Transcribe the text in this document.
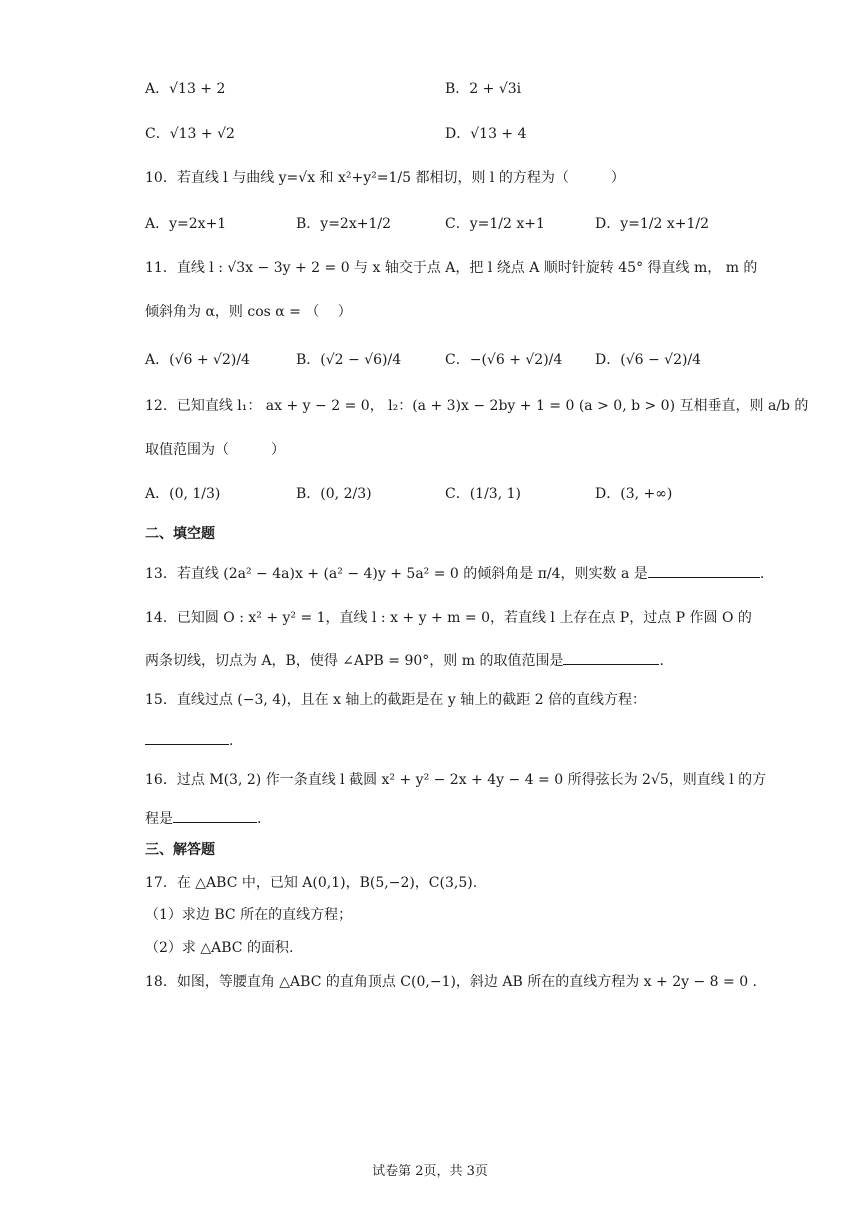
A．√13 + 2	B．2 + √3i
C．√13 + √2	D．√13 + 4
10．若直线 l 与曲线 y=√x 和 x²+y²=1/5 都相切，则 l 的方程为（　　　）
A．y=2x+1	B．y=2x+1/2	C．y=1/2 x+1	D．y=1/2 x+1/2
11．直线 l : √3x − 3y + 2 = 0 与 x 轴交于点 A，把 l 绕点 A 顺时针旋转 45° 得直线 m， m 的
倾斜角为 α，则 cos α = （　 ）
A．(√6 + √2)/4	B．(√2 − √6)/4	C．−(√6 + √2)/4 D．(√6 − √2)/4
12．已知直线 l₁： ax + y − 2 = 0， l₂：(a + 3)x − 2by + 1 = 0 (a > 0, b > 0) 互相垂直，则 a/b 的
取值范围为（　　　）
A．(0, 1/3)	B．(0, 2/3)	C．(1/3, 1)	D．(3, +∞)
二、填空题
13．若直线 (2a² − 4a)x + (a² − 4)y + 5a² = 0 的倾斜角是 π/4，则实数 a 是	.
14．已知圆 O : x² + y² = 1，直线 l : x + y + m = 0，若直线 l 上存在点 P，过点 P 作圆 O 的
两条切线，切点为 A，B，使得 ∠APB = 90°，则 m 的取值范围是	.
15．直线过点 (−3, 4)，且在 x 轴上的截距是在 y 轴上的截距 2 倍的直线方程：
.
16．过点 M(3, 2) 作一条直线 l 截圆 x² + y² − 2x + 4y − 4 = 0 所得弦长为 2√5，则直线 l 的方
程是	.
三、解答题
17．在 △ABC 中，已知 A(0,1)，B(5,−2)，C(3,5).
（1）求边 BC 所在的直线方程；
（2）求 △ABC 的面积.
18．如图，等腰直角 △ABC 的直角顶点 C(0,−1)，斜边 AB 所在的直线方程为 x + 2y − 8 = 0 .
试卷第 2页，共 3页
